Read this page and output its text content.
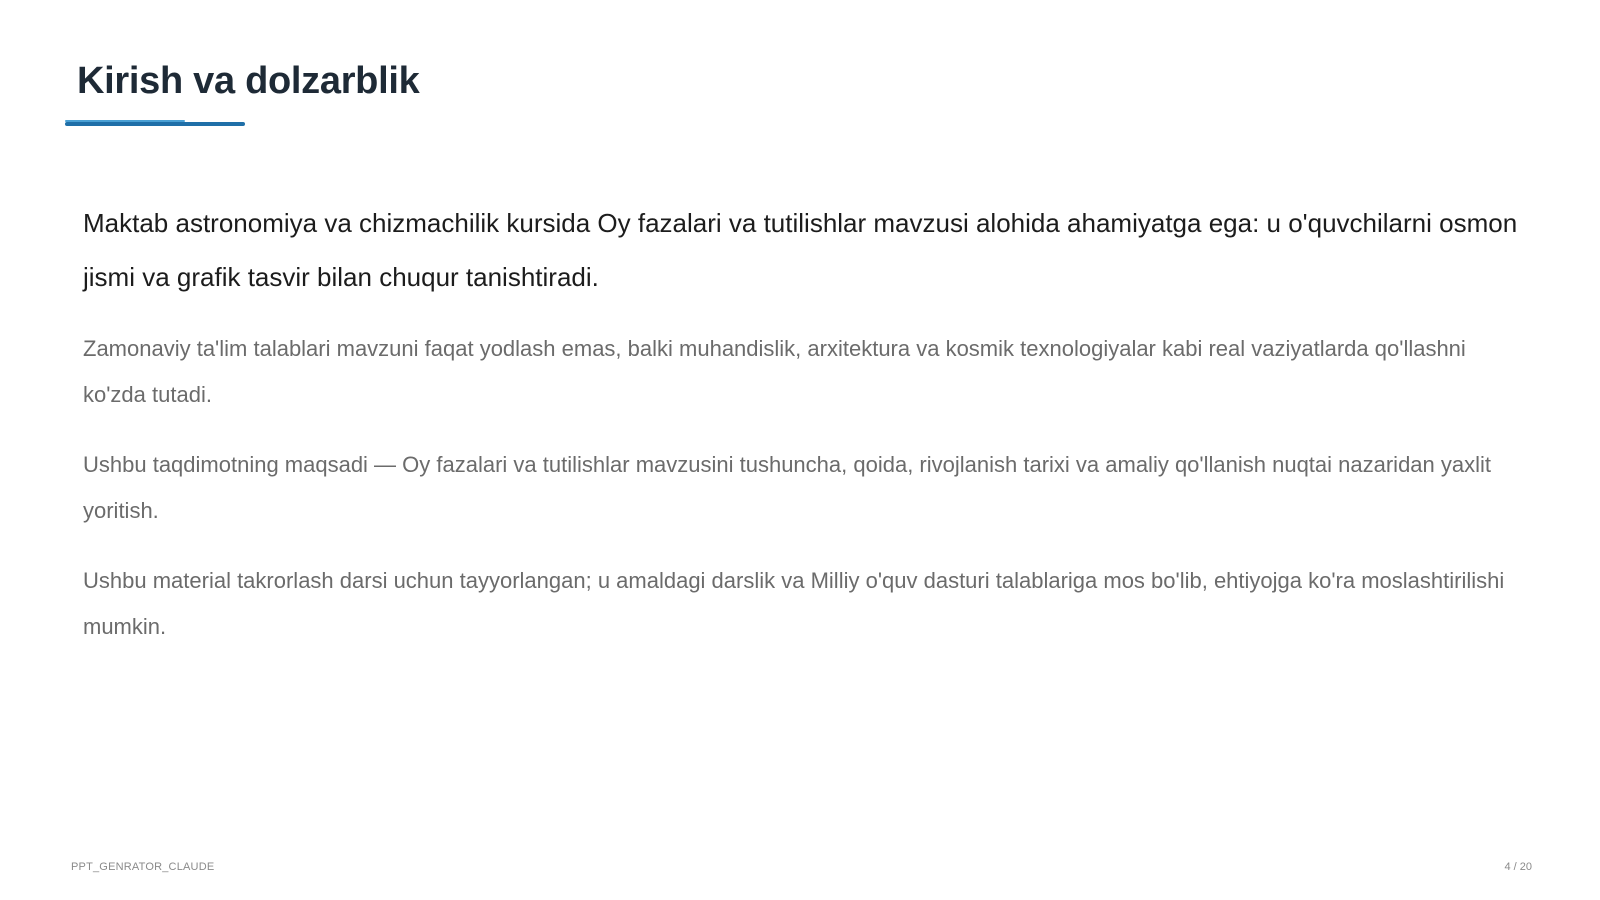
Kirish va dolzarblik

Maktab astronomiya va chizmachilik kursida Oy fazalari va tutilishlar mavzusi alohida ahamiyatga ega: u o'quvchilarni osmon jismi va grafik tasvir bilan chuqur tanishtiradi.

Zamonaviy ta'lim talablari mavzuni faqat yodlash emas, balki muhandislik, arxitektura va kosmik texnologiyalar kabi real vaziyatlarda qo'llashni ko'zda tutadi.

Ushbu taqdimotning maqsadi — Oy fazalari va tutilishlar mavzusini tushuncha, qoida, rivojlanish tarixi va amaliy qo'llanish nuqtai nazaridan yaxlit yoritish.

Ushbu material takrorlash darsi uchun tayyorlangan; u amaldagi darslik va Milliy o'quv dasturi talablariga mos bo'lib, ehtiyojga ko'ra moslashtirilishi mumkin.

PPT_GENRATOR_CLAUDE	4 / 20
